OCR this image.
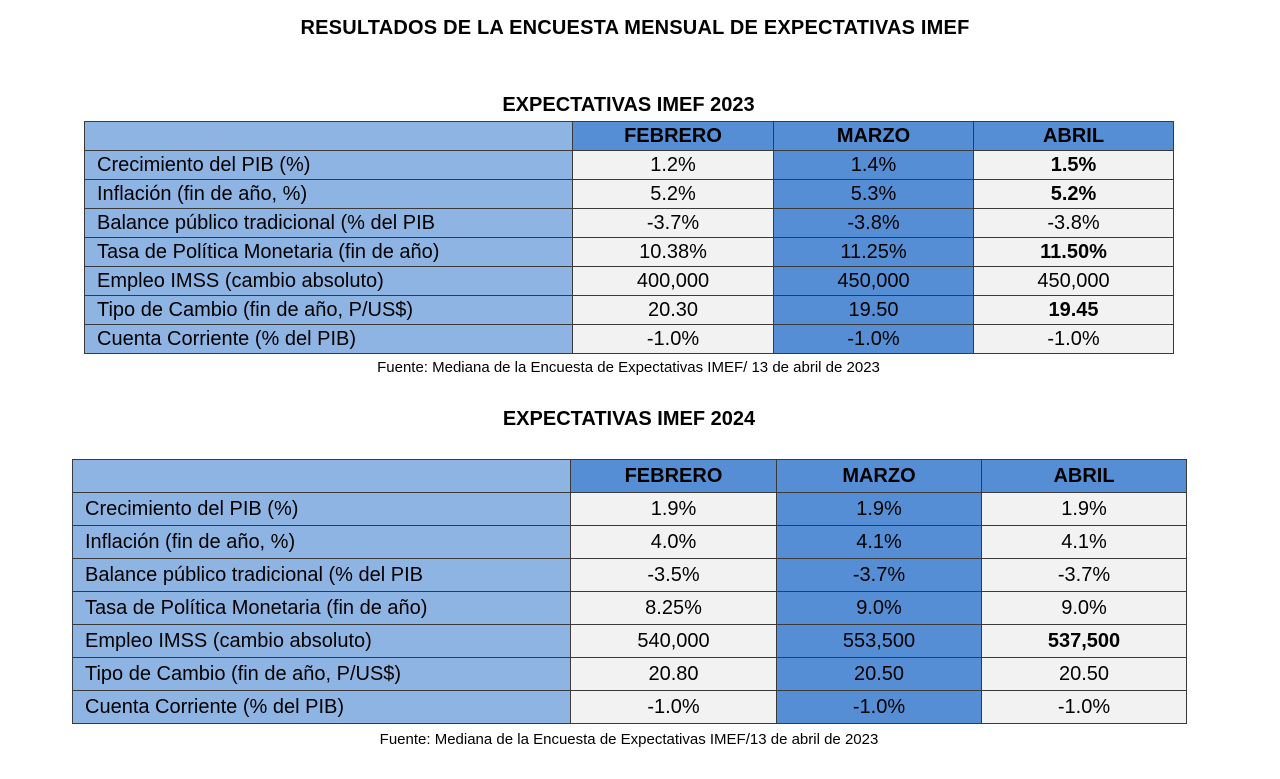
RESULTADOS DE LA ENCUESTA MENSUAL DE EXPECTATIVAS IMEF
EXPECTATIVAS IMEF 2023
	FEBRERO	MARZO	ABRIL
Crecimiento del PIB (%)	1.2%	1.4%	1.5%
Inflación (fin de año, %)	5.2%	5.3%	5.2%
Balance público tradicional (% del PIB	-3.7%	-3.8%	-3.8%
Tasa de Política Monetaria (fin de año)	10.38%	11.25%	11.50%
Empleo IMSS (cambio absoluto)	400,000	450,000	450,000
Tipo de Cambio (fin de año, P/US$)	20.30	19.50	19.45
Cuenta Corriente (% del PIB)	-1.0%	-1.0%	-1.0%
Fuente: Mediana de la Encuesta de Expectativas IMEF/ 13 de abril de 2023
EXPECTATIVAS IMEF 2024
	FEBRERO	MARZO	ABRIL
Crecimiento del PIB (%)	1.9%	1.9%	1.9%
Inflación (fin de año, %)	4.0%	4.1%	4.1%
Balance público tradicional (% del PIB	-3.5%	-3.7%	-3.7%
Tasa de Política Monetaria (fin de año)	8.25%	9.0%	9.0%
Empleo IMSS (cambio absoluto)	540,000	553,500	537,500
Tipo de Cambio (fin de año, P/US$)	20.80	20.50	20.50
Cuenta Corriente (% del PIB)	-1.0%	-1.0%	-1.0%
Fuente: Mediana de la Encuesta de Expectativas IMEF/13 de abril de 2023
